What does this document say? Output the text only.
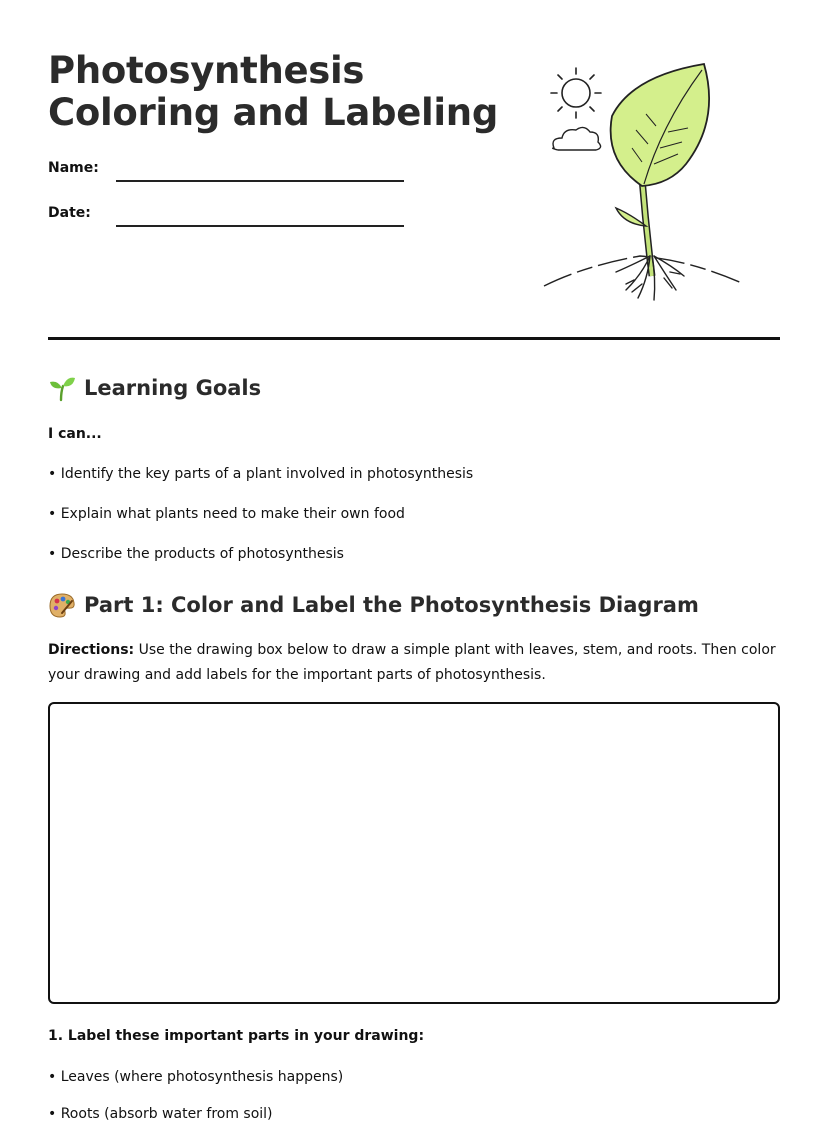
Photosynthesis Coloring and Labeling
Name:
Date:
Learning Goals
I can...
• Identify the key parts of a plant involved in photosynthesis
• Explain what plants need to make their own food
• Describe the products of photosynthesis
Part 1: Color and Label the Photosynthesis Diagram
Directions: Use the drawing box below to draw a simple plant with leaves, stem, and roots. Then color your drawing and add labels for the important parts of photosynthesis.
1. Label these important parts in your drawing:
• Leaves (where photosynthesis happens)
• Roots (absorb water from soil)
